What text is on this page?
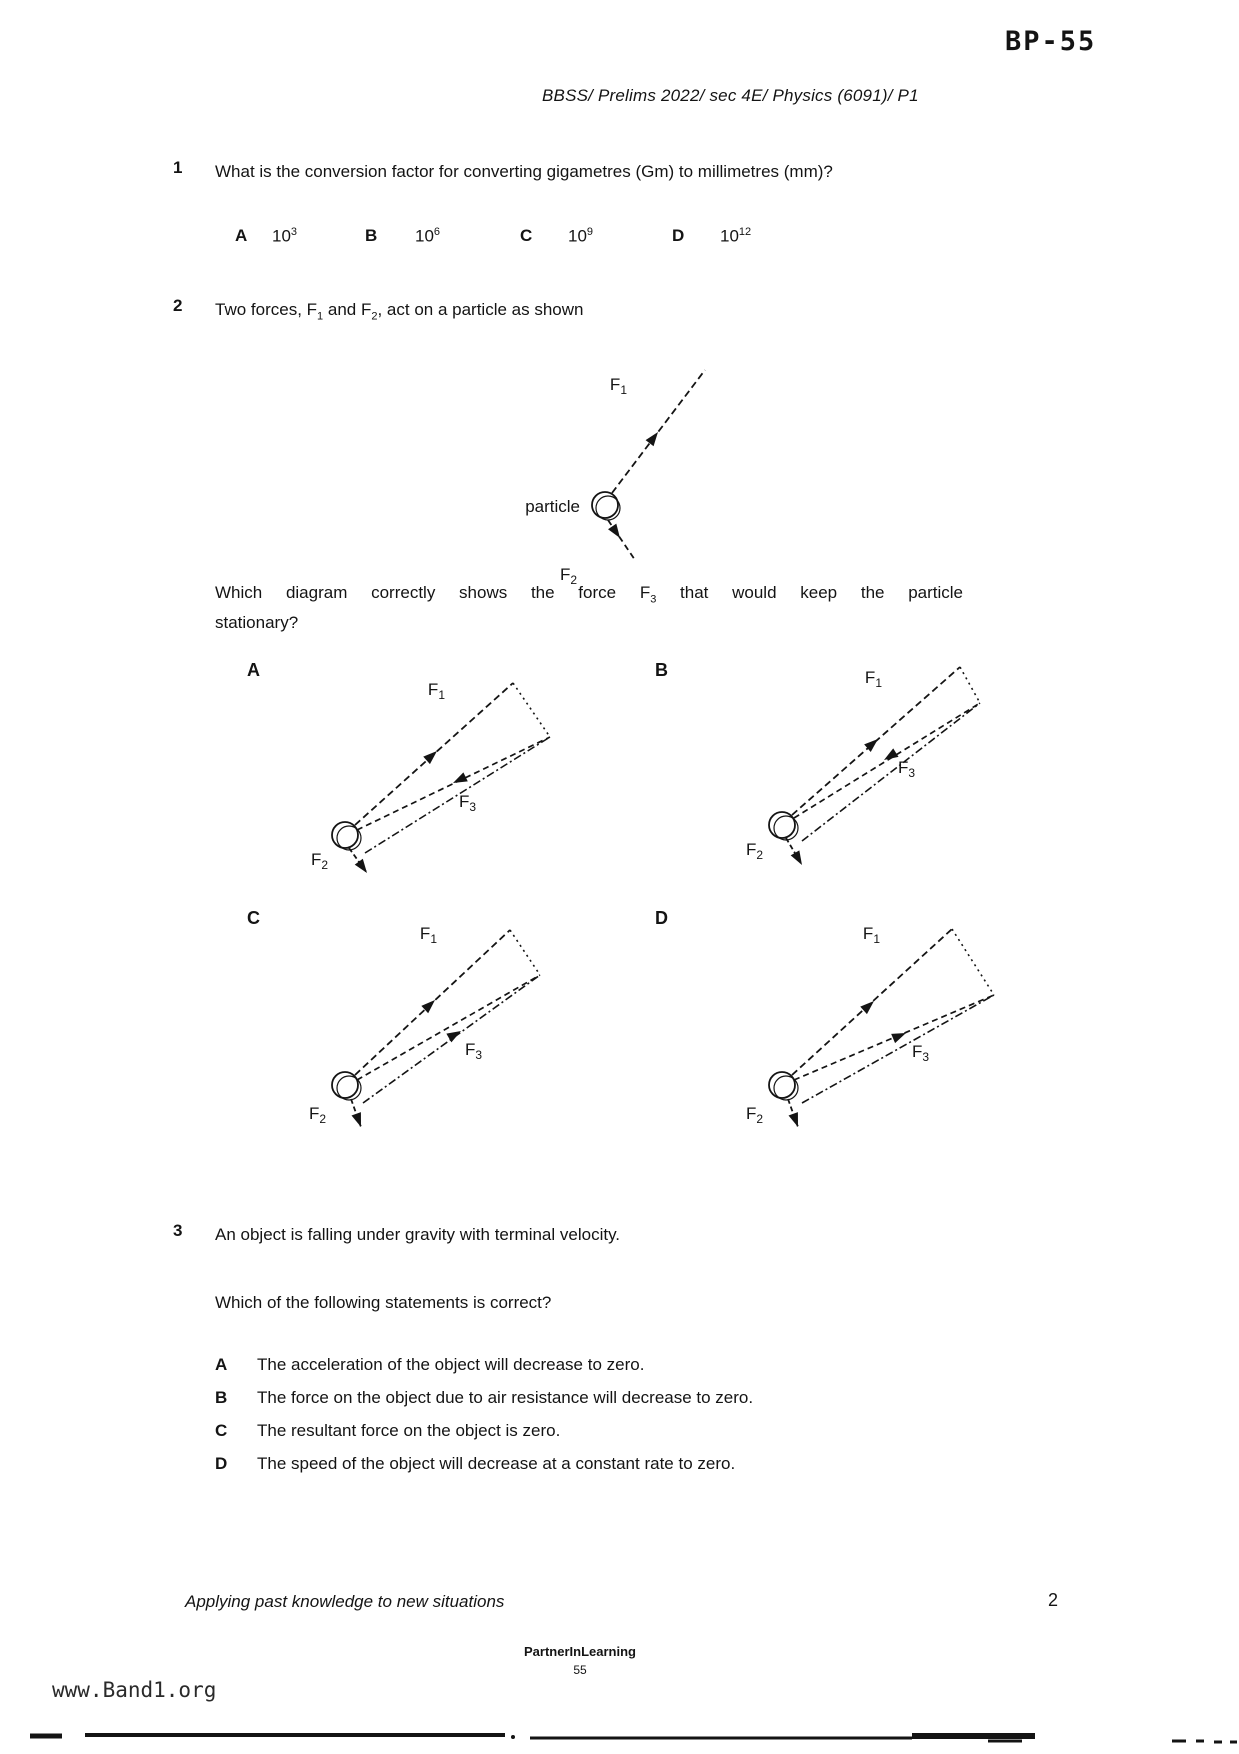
BP-55
BBSS/ Prelims 2022/ sec 4E/ Physics (6091)/ P1
1 What is the conversion factor for converting gigametres (Gm) to millimetres (mm)?
A $10^3$	B $10^6$	C $10^9$	D $10^{12}$
2 Two forces, $F_1$ and $F_2$, act on a particle as shown
$F_1$
particle
$F_2$
Which diagram correctly shows the force $F_3$ that would keep the particle
stationary?
A	B
C	D
$F_1$
$F_3$
$F_2$
$F_1$
$F_3$
$F_2$
$F_1$
$F_3$
$F_2$
$F_1$
$F_3$
$F_2$
3 An object is falling under gravity with terminal velocity.
Which of the following statements is correct?
A The acceleration of the object will decrease to zero.
B The force on the object due to air resistance will decrease to zero.
C The resultant force on the object is zero.
D The speed of the object will decrease at a constant rate to zero.
Applying past knowledge to new situations	2
PartnerInLearning
55
www.Band1.org
